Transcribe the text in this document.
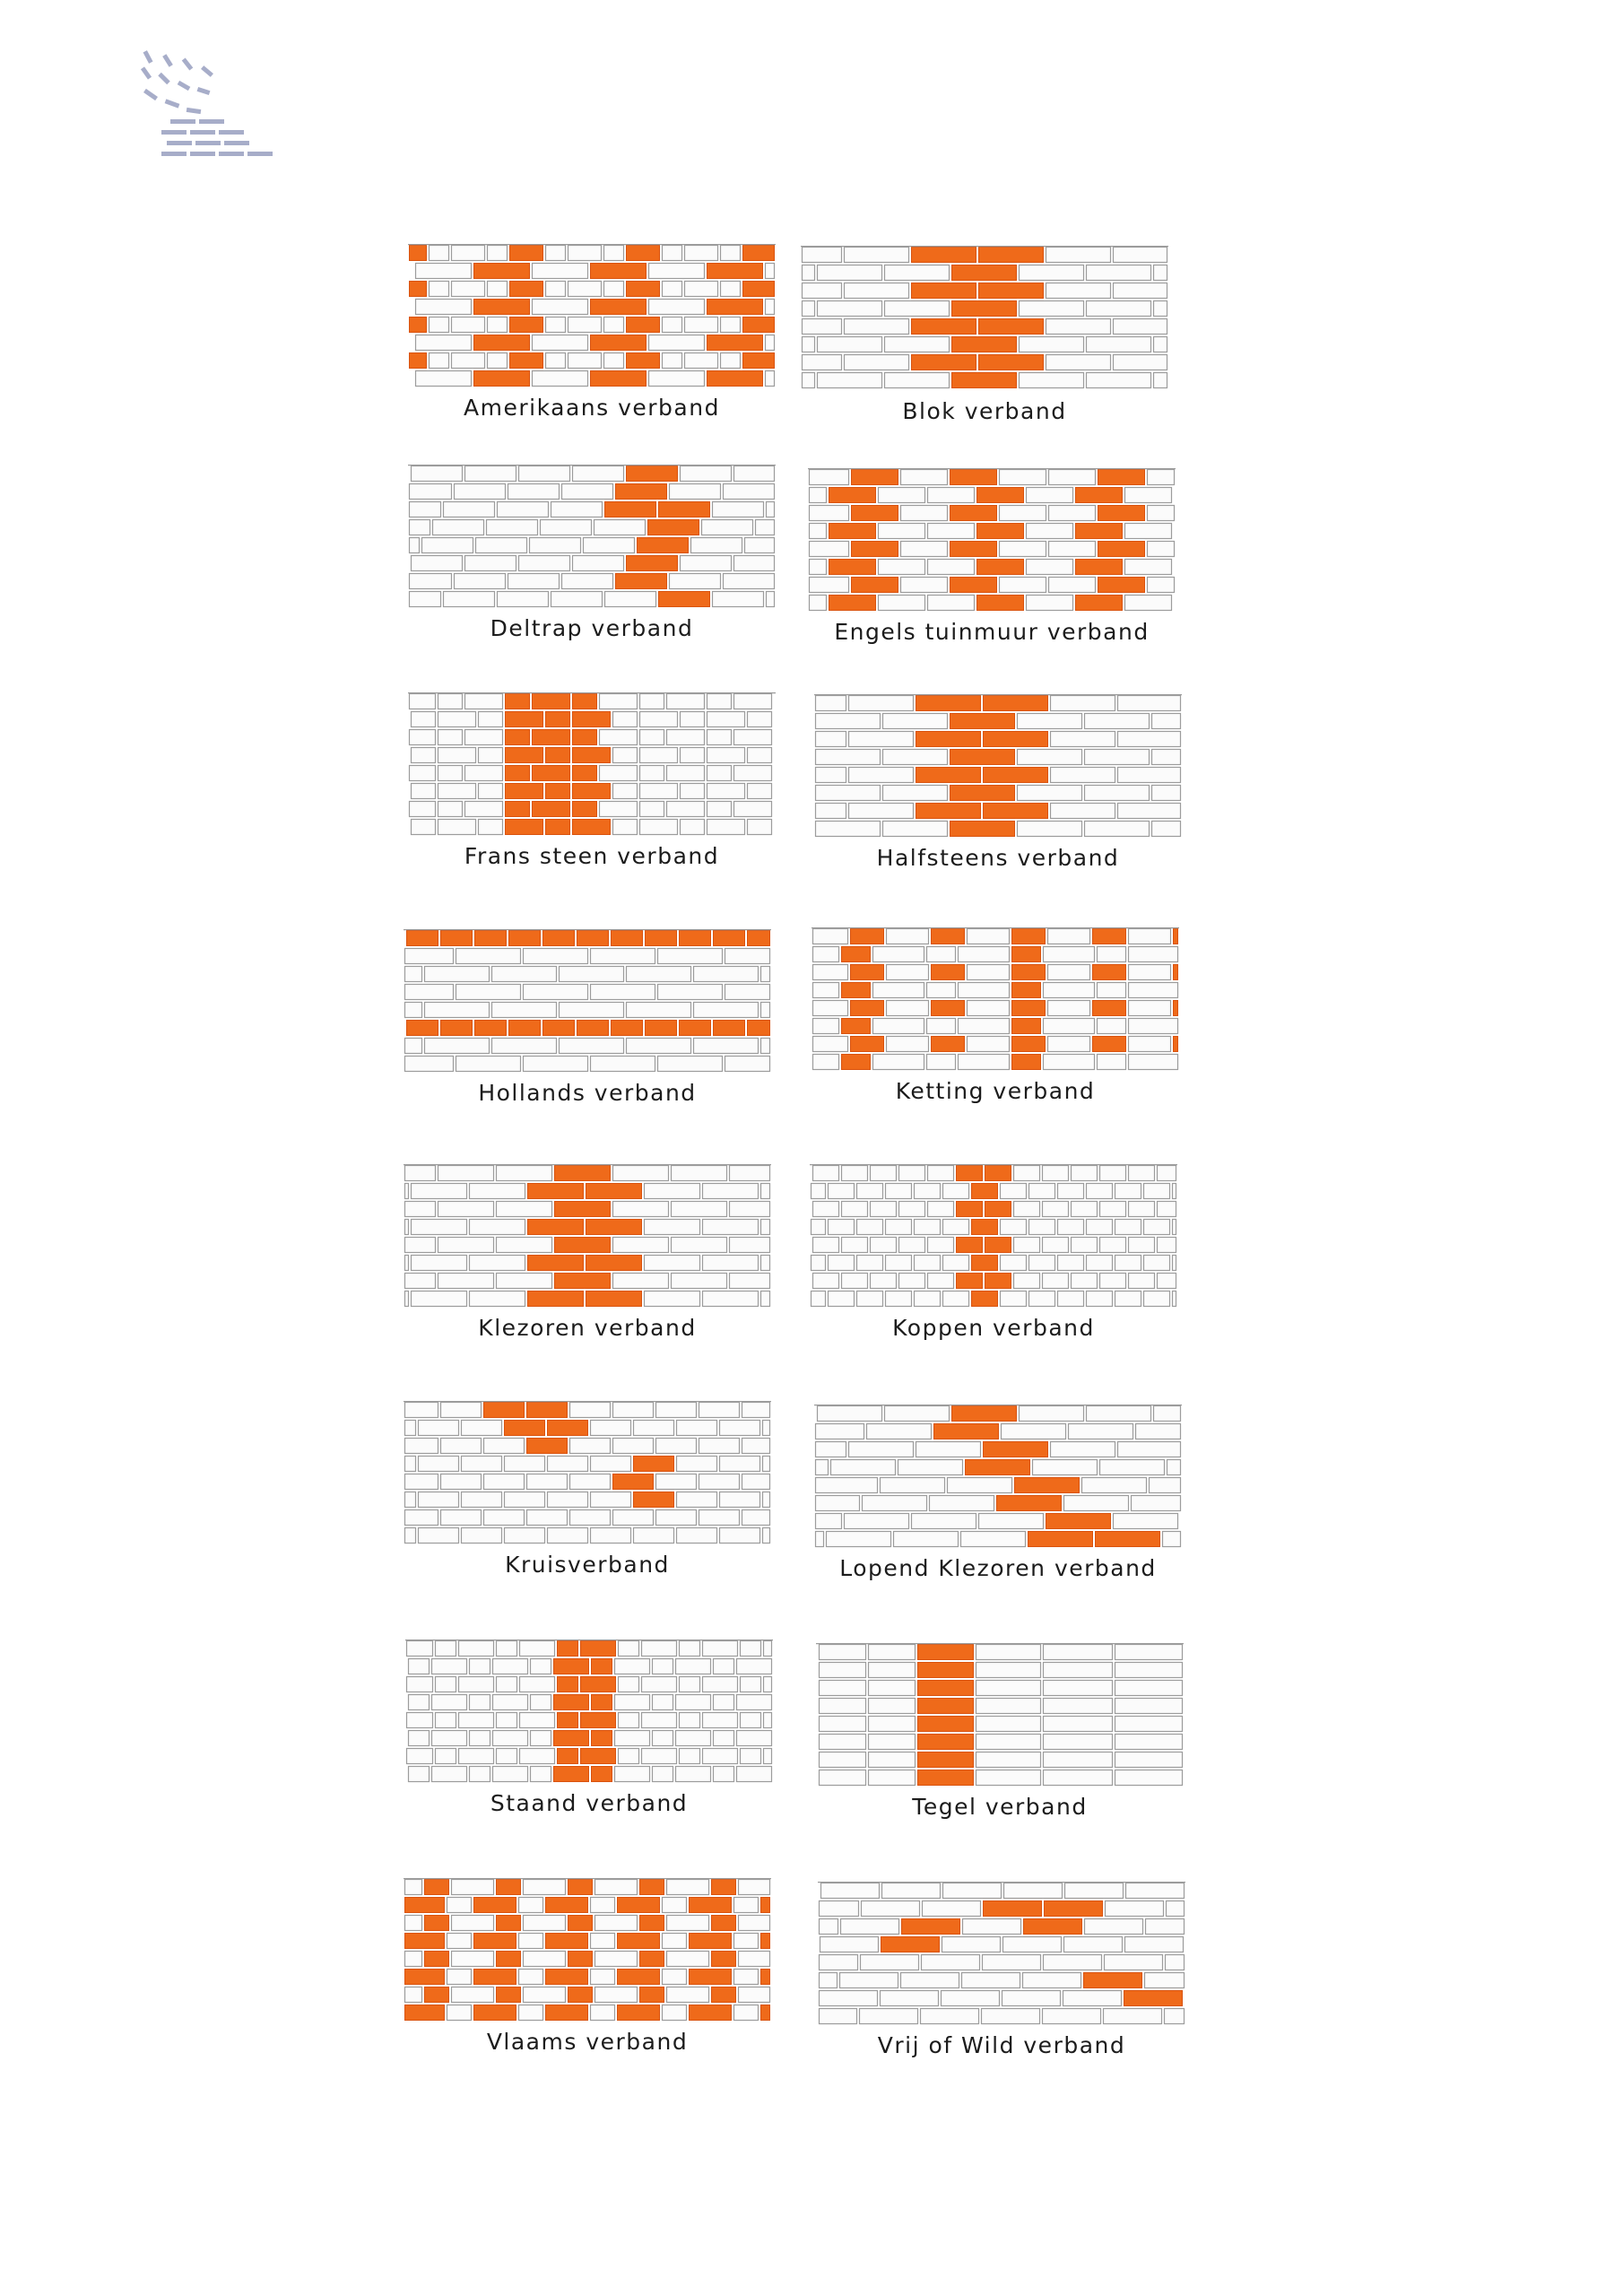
Amerikaans verband	Blok verband
Deltrap verband	Engels tuinmuur verband
Frans steen verband	Halfsteens verband
Hollands verband	Ketting verband
Klezoren verband	Koppen verband
Kruisverband	Lopend Klezoren verband
Staand verband	Tegel verband
Vlaams verband	Vrij of Wild verband
